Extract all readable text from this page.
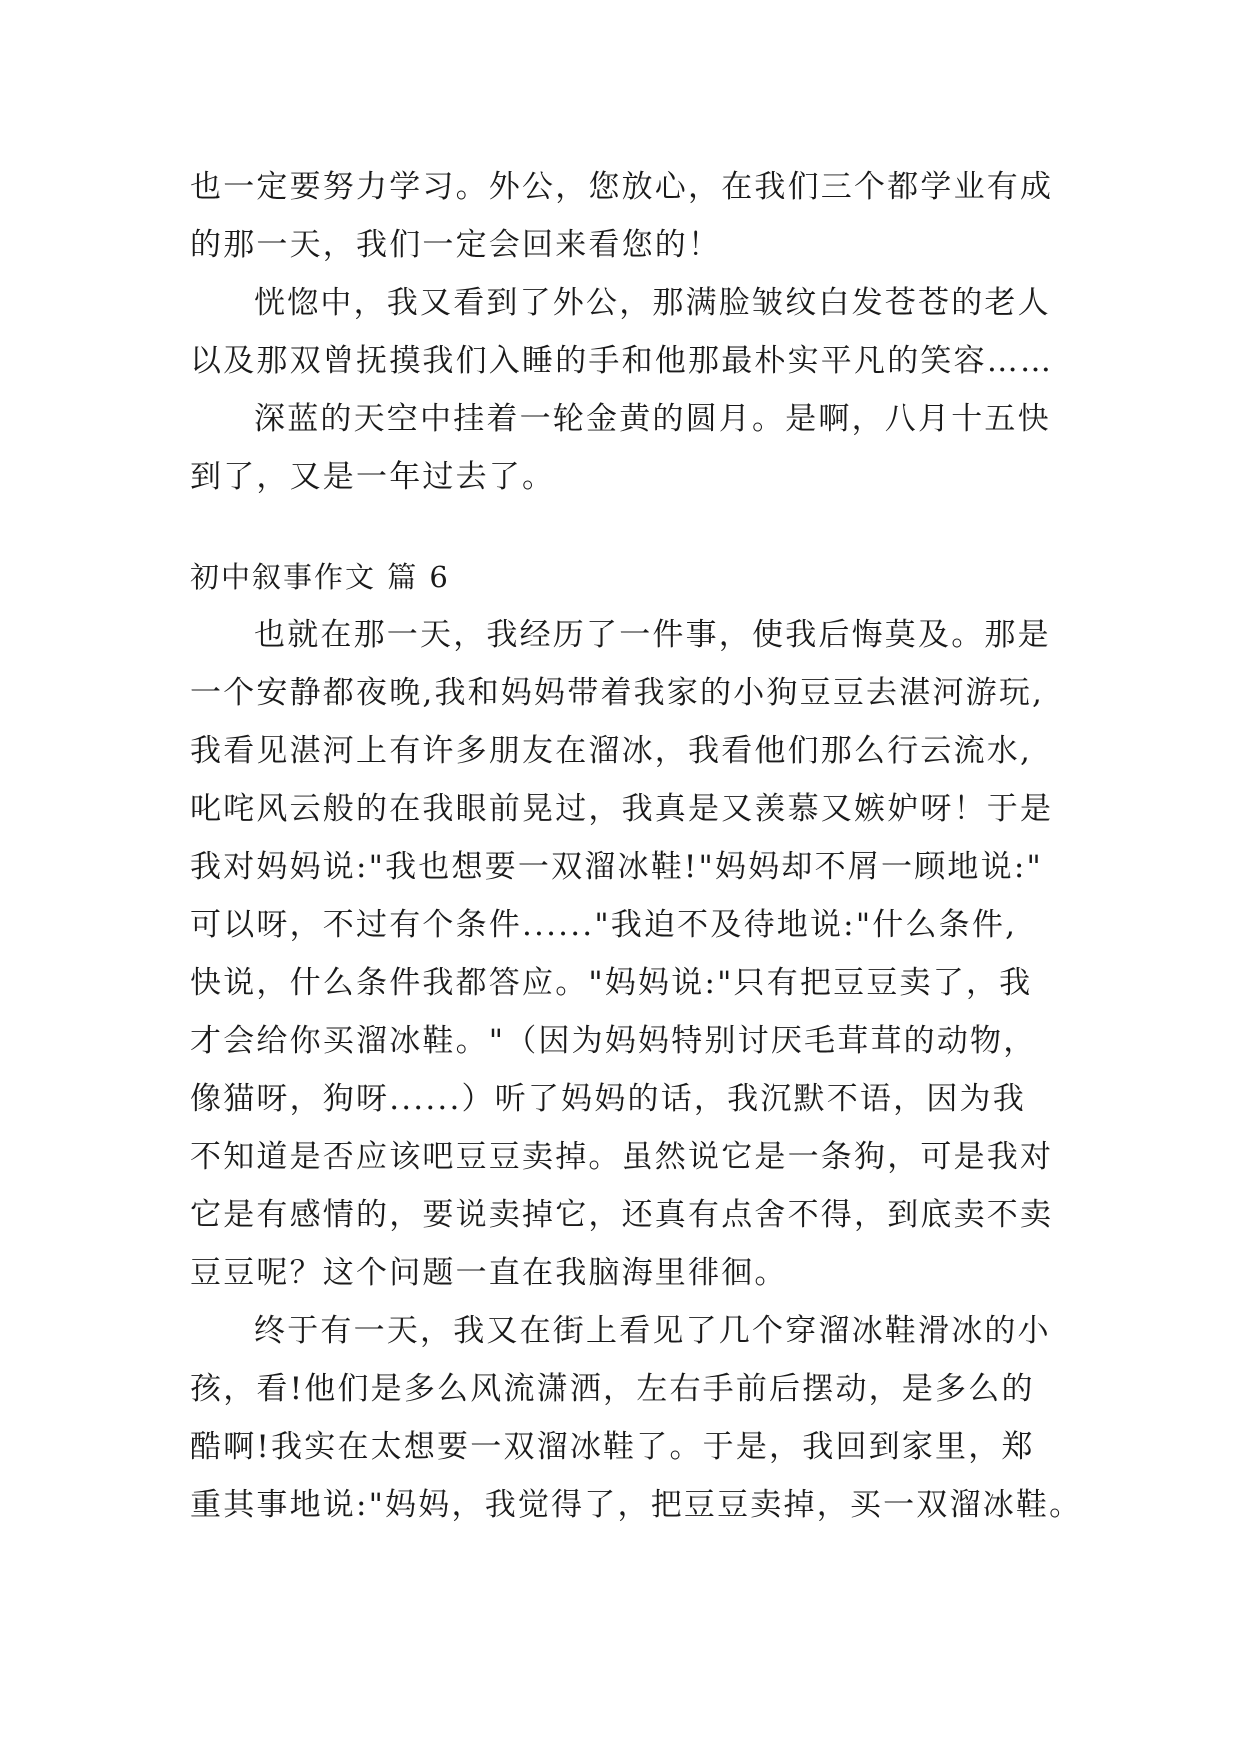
也一定要努力学习。外公，您放心，在我们三个都学业有成
的那一天，我们一定会回来看您的！
恍惚中，我又看到了外公，那满脸皱纹白发苍苍的老人
以及那双曾抚摸我们入睡的手和他那最朴实平凡的笑容……
深蓝的天空中挂着一轮金黄的圆月。是啊，八月十五快
到了，又是一年过去了。
初中叙事作文 篇 6
也就在那一天，我经历了一件事，使我后悔莫及。那是
一个安静都夜晚,我和妈妈带着我家的小狗豆豆去湛河游玩,
我看见湛河上有许多朋友在溜冰，我看他们那么行云流水,
叱咤风云般的在我眼前晃过，我真是又羡慕又嫉妒呀！于是
我对妈妈说:"我也想要一双溜冰鞋!"妈妈却不屑一顾地说:"
可以呀，不过有个条件......"我迫不及待地说:"什么条件,
快说，什么条件我都答应。"妈妈说:"只有把豆豆卖了，我
才会给你买溜冰鞋。"（因为妈妈特别讨厌毛茸茸的动物，
像猫呀，狗呀......）听了妈妈的话，我沉默不语，因为我
不知道是否应该吧豆豆卖掉。虽然说它是一条狗，可是我对
它是有感情的，要说卖掉它，还真有点舍不得，到底卖不卖
豆豆呢？这个问题一直在我脑海里徘徊。
终于有一天，我又在街上看见了几个穿溜冰鞋滑冰的小
孩，看!他们是多么风流潇洒，左右手前后摆动，是多么的
酷啊!我实在太想要一双溜冰鞋了。于是，我回到家里，郑
重其事地说:"妈妈，我觉得了，把豆豆卖掉，买一双溜冰鞋。
